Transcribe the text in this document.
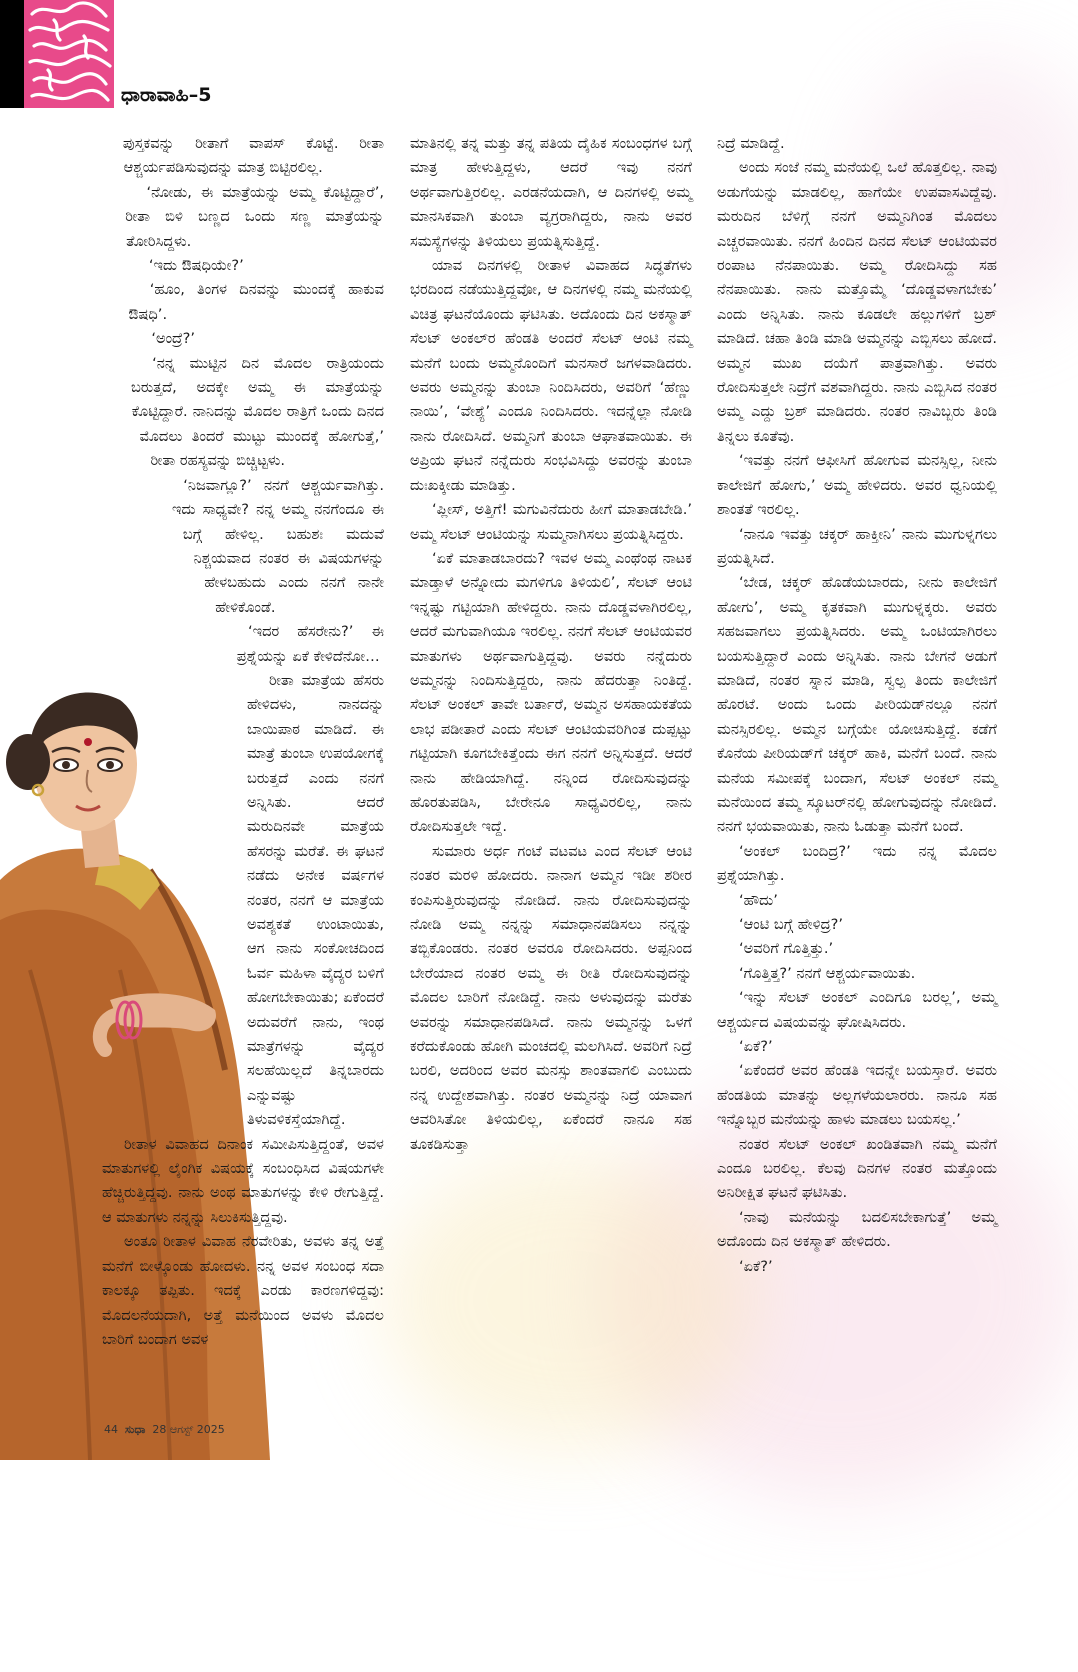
ಧಾರಾವಾಹಿ–5

ಪುಸ್ತಕವನ್ನು ರೀತಾಗೆ ವಾಪಸ್ ಕೊಟ್ಟೆ. ರೀತಾ ಆಶ್ಚರ್ಯಪಡಿಸುವುದನ್ನು ಮಾತ್ರ ಬಿಟ್ಟಿರಲಿಲ್ಲ.

‘ನೋಡು, ಈ ಮಾತ್ರೆಯನ್ನು ಅಮ್ಮ ಕೊಟ್ಟಿದ್ದಾರೆ’, ರೀತಾ ಬಿಳಿ ಬಣ್ಣದ ಒಂದು ಸಣ್ಣ ಮಾತ್ರೆಯನ್ನು ತೋರಿಸಿದ್ದಳು.

‘ಇದು ಔಷಧಿಯೇ?’

‘ಹೂಂ, ತಿಂಗಳ ದಿನವನ್ನು ಮುಂದಕ್ಕೆ ಹಾಕುವ ಔಷಧಿ’.

‘ಅಂದ್ರೆ?’

‘ನನ್ನ ಮುಟ್ಟಿನ ದಿನ ಮೊದಲ ರಾತ್ರಿಯಂದು ಬರುತ್ತದೆ, ಅದಕ್ಕೇ ಅಮ್ಮ ಈ ಮಾತ್ರೆಯನ್ನು ಕೊಟ್ಟಿದ್ದಾರೆ. ನಾನಿದನ್ನು ಮೊದಲ ರಾತ್ರಿಗೆ ಒಂದು ದಿನದ ಮೊದಲು ತಿಂದರೆ ಮುಟ್ಟು ಮುಂದಕ್ಕೆ ಹೋಗುತ್ತೆ,’ ರೀತಾ ರಹಸ್ಯವನ್ನು ಬಿಚ್ಚಿಟ್ಟಳು.

‘ನಿಜವಾಗ್ಲೂ?’ ನನಗೆ ಆಶ್ಚರ್ಯವಾಗಿತ್ತು. ಇದು ಸಾಧ್ಯವೇ? ನನ್ನ ಅಮ್ಮ ನನಗೆಂದೂ ಈ ಬಗ್ಗೆ ಹೇಳಿಲ್ಲ. ಬಹುಶಃ ಮದುವೆ ನಿಶ್ಚಯವಾದ ನಂತರ ಈ ವಿಷಯಗಳನ್ನು ಹೇಳಬಹುದು ಎಂದು ನನಗೆ ನಾನೇ ಹೇಳಿಕೊಂಡೆ.

‘ಇದರ ಹೆಸರೇನು?’ ಈ ಪ್ರಶ್ನೆಯನ್ನು ಏಕೆ ಕೇಳಿದೆನೋ…

ರೀತಾ ಮಾತ್ರೆಯ ಹೆಸರು ಹೇಳಿದಳು, ನಾನದನ್ನು ಬಾಯಿಪಾಠ ಮಾಡಿದೆ. ಈ ಮಾತ್ರೆ ತುಂಬಾ ಉಪಯೋಗಕ್ಕೆ ಬರುತ್ತದೆ ಎಂದು ನನಗೆ ಅನ್ನಿಸಿತು. ಆದರೆ ಮರುದಿನವೇ ಮಾತ್ರೆಯ ಹೆಸರನ್ನು ಮರೆತೆ. ಈ ಘಟನೆ ನಡೆದು ಅನೇಕ ವರ್ಷಗಳ ನಂತರ, ನನಗೆ ಆ ಮಾತ್ರೆಯ ಅವಶ್ಯಕತೆ ಉಂಟಾಯಿತು, ಆಗ ನಾನು ಸಂಕೋಚದಿಂದ ಓರ್ವ ಮಹಿಳಾ ವೈದ್ಯರ ಬಳಿಗೆ ಹೋಗಬೇಕಾಯಿತು; ಏಕೆಂದರೆ ಅದುವರೆಗೆ ನಾನು, ಇಂಥ ಮಾತ್ರೆಗಳನ್ನು ವೈದ್ಯರ ಸಲಹೆಯಿಲ್ಲದೆ ತಿನ್ನಬಾರದು ಎನ್ನುವಷ್ಟು ತಿಳುವಳಿಕಸ್ತೆಯಾಗಿದ್ದೆ.

ರೀತಾಳ ವಿವಾಹದ ದಿನಾಂಕ ಸಮೀಪಿಸುತ್ತಿದ್ದಂತೆ, ಅವಳ ಮಾತುಗಳಲ್ಲಿ ಲೈಂಗಿಕ ವಿಷಯಕ್ಕೆ ಸಂಬಂಧಿಸಿದ ವಿಷಯಗಳೇ ಹೆಚ್ಚಿರುತ್ತಿದ್ದವು. ನಾನು ಅಂಥ ಮಾತುಗಳನ್ನು ಕೇಳಿ ರೇಗುತ್ತಿದ್ದೆ. ಆ ಮಾತುಗಳು ನನ್ನನ್ನು ಸಿಲುಕಿಸುತ್ತಿದ್ದವು.

ಅಂತೂ ರೀತಾಳ ವಿವಾಹ ನೆರವೇರಿತು, ಅವಳು ತನ್ನ ಅತ್ತೆ ಮನೆಗೆ ಬೀಳ್ಕೊಂಡು ಹೋದಳು. ನನ್ನ ಅವಳ ಸಂಬಂಧ ಸದಾ ಕಾಲಕ್ಕೂ ತಪ್ಪಿತು. ಇದಕ್ಕೆ ಎರಡು ಕಾರಣಗಳಿದ್ದವು: ಮೊದಲನೆಯದಾಗಿ, ಅತ್ತೆ ಮನೆಯಿಂದ ಅವಳು ಮೊದಲ ಬಾರಿಗೆ ಬಂದಾಗ ಅವಳ

ಮಾತಿನಲ್ಲಿ ತನ್ನ ಮತ್ತು ತನ್ನ ಪತಿಯ ದೈಹಿಕ ಸಂಬಂಧಗಳ ಬಗ್ಗೆ ಮಾತ್ರ ಹೇಳುತ್ತಿದ್ದಳು, ಆದರೆ ಇವು ನನಗೆ ಅರ್ಥವಾಗುತ್ತಿರಲಿಲ್ಲ. ಎರಡನೆಯದಾಗಿ, ಆ ದಿನಗಳಲ್ಲಿ ಅಮ್ಮ ಮಾನಸಿಕವಾಗಿ ತುಂಬಾ ವ್ಯಗ್ರರಾಗಿದ್ದರು, ನಾನು ಅವರ ಸಮಸ್ಯೆಗಳನ್ನು ತಿಳಿಯಲು ಪ್ರಯತ್ನಿಸುತ್ತಿದ್ದೆ.

ಯಾವ ದಿನಗಳಲ್ಲಿ ರೀತಾಳ ವಿವಾಹದ ಸಿದ್ಧತೆಗಳು ಭರದಿಂದ ನಡೆಯುತ್ತಿದ್ದವೋ, ಆ ದಿನಗಳಲ್ಲಿ ನಮ್ಮ ಮನೆಯಲ್ಲಿ ವಿಚಿತ್ರ ಘಟನೆಯೊಂದು ಘಟಿಸಿತು. ಅದೊಂದು ದಿನ ಅಕಸ್ಮಾತ್ ಸೆಲಟ್ ಅಂಕಲ್‌ರ ಹೆಂಡತಿ ಅಂದರೆ ಸೆಲಟ್ ಆಂಟಿ ನಮ್ಮ ಮನೆಗೆ ಬಂದು ಅಮ್ಮನೊಂದಿಗೆ ಮನಸಾರೆ ಜಗಳವಾಡಿದರು. ಅವರು ಅಮ್ಮನನ್ನು ತುಂಬಾ ನಿಂದಿಸಿದರು, ಅವರಿಗೆ ‘ಹೆಣ್ಣು ನಾಯಿ’, ‘ವೇಶ್ಯೆ’ ಎಂದೂ ನಿಂದಿಸಿದರು. ಇದನ್ನೆಲ್ಲಾ ನೋಡಿ ನಾನು ರೋದಿಸಿದೆ. ಅಮ್ಮನಿಗೆ ತುಂಬಾ ಆಘಾತವಾಯಿತು. ಈ ಅಪ್ರಿಯ ಘಟನೆ ನನ್ನೆದುರು ಸಂಭವಿಸಿದ್ದು ಅವರನ್ನು ತುಂಬಾ ದುಃಖಕ್ಕೀಡು ಮಾಡಿತ್ತು.

‘ಪ್ಲೀಸ್, ಅತ್ತಿಗೆ! ಮಗುವಿನೆದುರು ಹೀಗೆ ಮಾತಾಡಬೇಡಿ.’ ಅಮ್ಮ ಸೆಲಟ್ ಆಂಟಿಯನ್ನು ಸುಮ್ಮನಾಗಿಸಲು ಪ್ರಯತ್ನಿಸಿದ್ದರು.

‘ಏಕೆ ಮಾತಾಡಬಾರದು? ಇವಳ ಅಮ್ಮ ಎಂಥೆಂಥ ನಾಟಕ ಮಾಡ್ತಾಳೆ ಅನ್ನೋದು ಮಗಳಿಗೂ ತಿಳಿಯಲಿ’, ಸೆಲಟ್ ಆಂಟಿ ಇನ್ನಷ್ಟು ಗಟ್ಟಿಯಾಗಿ ಹೇಳಿದ್ದರು. ನಾನು ದೊಡ್ಡವಳಾಗಿರಲಿಲ್ಲ, ಆದರೆ ಮಗುವಾಗಿಯೂ ಇರಲಿಲ್ಲ. ನನಗೆ ಸೆಲಟ್ ಆಂಟಿಯವರ ಮಾತುಗಳು ಅರ್ಥವಾಗುತ್ತಿದ್ದವು. ಅವರು ನನ್ನೆದುರು ಅಮ್ಮನನ್ನು ನಿಂದಿಸುತ್ತಿದ್ದರು, ನಾನು ಹೆದರುತ್ತಾ ನಿಂತಿದ್ದೆ. ಸೆಲಟ್ ಅಂಕಲ್ ತಾವೇ ಬರ್ತಾರೆ, ಅಮ್ಮನ ಅಸಹಾಯಕತೆಯ ಲಾಭ ಪಡೀತಾರೆ ಎಂದು ಸೆಲಟ್ ಆಂಟಿಯವರಿಗಿಂತ ದುಪ್ಪಟ್ಟು ಗಟ್ಟಿಯಾಗಿ ಕೂಗಬೇಕಿತ್ತೆಂದು ಈಗ ನನಗೆ ಅನ್ನಿಸುತ್ತದೆ. ಆದರೆ ನಾನು ಹೇಡಿಯಾಗಿದ್ದೆ. ನನ್ನಿಂದ ರೋದಿಸುವುದನ್ನು ಹೊರತುಪಡಿಸಿ, ಬೇರೇನೂ ಸಾಧ್ಯವಿರಲಿಲ್ಲ, ನಾನು ರೋದಿಸುತ್ತಲೇ ಇದ್ದೆ.

ಸುಮಾರು ಅರ್ಧ ಗಂಟೆ ವಟವಟ ಎಂದ ಸೆಲಟ್ ಆಂಟಿ ನಂತರ ಮರಳಿ ಹೋದರು. ನಾನಾಗ ಅಮ್ಮನ ಇಡೀ ಶರೀರ ಕಂಪಿಸುತ್ತಿರುವುದನ್ನು ನೋಡಿದೆ. ನಾನು ರೋದಿಸುವುದನ್ನು ನೋಡಿ ಅಮ್ಮ ನನ್ನನ್ನು ಸಮಾಧಾನಪಡಿಸಲು ನನ್ನನ್ನು ತಬ್ಬಿಕೊಂಡರು. ನಂತರ ಅವರೂ ರೋದಿಸಿದರು. ಅಪ್ಪನಿಂದ ಬೇರೆಯಾದ ನಂತರ ಅಮ್ಮ ಈ ರೀತಿ ರೋದಿಸುವುದನ್ನು ಮೊದಲ ಬಾರಿಗೆ ನೋಡಿದ್ದೆ. ನಾನು ಅಳುವುದನ್ನು ಮರೆತು ಅವರನ್ನು ಸಮಾಧಾನಪಡಿಸಿದೆ. ನಾನು ಅಮ್ಮನನ್ನು ಒಳಗೆ ಕರೆದುಕೊಂಡು ಹೋಗಿ ಮಂಚದಲ್ಲಿ ಮಲಗಿಸಿದೆ. ಅವರಿಗೆ ನಿದ್ರೆ ಬರಲಿ, ಅದರಿಂದ ಅವರ ಮನಸ್ಸು ಶಾಂತವಾಗಲಿ ಎಂಬುದು ನನ್ನ ಉದ್ದೇಶವಾಗಿತ್ತು. ನಂತರ ಅಮ್ಮನನ್ನು ನಿದ್ರೆ ಯಾವಾಗ ಆವರಿಸಿತೋ ತಿಳಿಯಲಿಲ್ಲ, ಏಕೆಂದರೆ ನಾನೂ ಸಹ ತೂಕಡಿಸುತ್ತಾ

ನಿದ್ರೆ ಮಾಡಿದ್ದೆ.

ಅಂದು ಸಂಜೆ ನಮ್ಮ ಮನೆಯಲ್ಲಿ ಒಲೆ ಹೊತ್ತಲಿಲ್ಲ. ನಾವು ಅಡುಗೆಯನ್ನು ಮಾಡಲಿಲ್ಲ, ಹಾಗೆಯೇ ಉಪವಾಸವಿದ್ದೆವು. ಮರುದಿನ ಬೆಳಿಗ್ಗೆ ನನಗೆ ಅಮ್ಮನಿಗಿಂತ ಮೊದಲು ಎಚ್ಚರವಾಯಿತು. ನನಗೆ ಹಿಂದಿನ ದಿನದ ಸೆಲಟ್ ಆಂಟಿಯವರ ರಂಪಾಟ ನೆನಪಾಯಿತು. ಅಮ್ಮ ರೋದಿಸಿದ್ದು ಸಹ ನೆನಪಾಯಿತು. ನಾನು ಮತ್ತೊಮ್ಮೆ ‘ದೊಡ್ಡವಳಾಗಬೇಕು’ ಎಂದು ಅನ್ನಿಸಿತು. ನಾನು ಕೂಡಲೇ ಹಲ್ಲುಗಳಿಗೆ ಬ್ರಶ್ ಮಾಡಿದೆ. ಚಹಾ ತಿಂಡಿ ಮಾಡಿ ಅಮ್ಮನನ್ನು ಎಬ್ಬಿಸಲು ಹೋದೆ. ಅಮ್ಮನ ಮುಖ ದಯೆಗೆ ಪಾತ್ರವಾಗಿತ್ತು. ಅವರು ರೋದಿಸುತ್ತಲೇ ನಿದ್ರೆಗೆ ವಶವಾಗಿದ್ದರು. ನಾನು ಎಬ್ಬಿಸಿದ ನಂತರ ಅಮ್ಮ ಎದ್ದು ಬ್ರಶ್ ಮಾಡಿದರು. ನಂತರ ನಾವಿಬ್ಬರು ತಿಂಡಿ ತಿನ್ನಲು ಕೂತೆವು.

‘ಇವತ್ತು ನನಗೆ ಆಫೀಸಿಗೆ ಹೋಗುವ ಮನಸ್ಸಿಲ್ಲ, ನೀನು ಕಾಲೇಜಿಗೆ ಹೋಗು,’ ಅಮ್ಮ ಹೇಳಿದರು. ಅವರ ಧ್ವನಿಯಲ್ಲಿ ಶಾಂತತೆ ಇರಲಿಲ್ಲ.

‘ನಾನೂ ಇವತ್ತು ಚಕ್ಕರ್ ಹಾಕ್ತೀನಿ’ ನಾನು ಮುಗುಳ್ನಗಲು ಪ್ರಯತ್ನಿಸಿದೆ.

‘ಬೇಡ, ಚಕ್ಕರ್ ಹೊಡೆಯಬಾರದು, ನೀನು ಕಾಲೇಜಿಗೆ ಹೋಗು’, ಅಮ್ಮ ಕೃತಕವಾಗಿ ಮುಗುಳ್ನಕ್ಕರು. ಅವರು ಸಹಜವಾಗಲು ಪ್ರಯತ್ನಿಸಿದರು. ಅಮ್ಮ ಒಂಟಿಯಾಗಿರಲು ಬಯಸುತ್ತಿದ್ದಾರೆ ಎಂದು ಅನ್ನಿಸಿತು. ನಾನು ಬೇಗನೆ ಅಡುಗೆ ಮಾಡಿದೆ, ನಂತರ ಸ್ನಾನ ಮಾಡಿ, ಸ್ವಲ್ಪ ತಿಂದು ಕಾಲೇಜಿಗೆ ಹೊರಟೆ. ಅಂದು ಒಂದು ಪೀರಿಯಡ್‌ನಲ್ಲೂ ನನಗೆ ಮನಸ್ಸಿರಲಿಲ್ಲ. ಅಮ್ಮನ ಬಗ್ಗೆಯೇ ಯೋಚಿಸುತ್ತಿದ್ದೆ. ಕಡೆಗೆ ಕೊನೆಯ ಪೀರಿಯಡ್‌ಗೆ ಚಕ್ಕರ್ ಹಾಕಿ, ಮನೆಗೆ ಬಂದೆ. ನಾನು ಮನೆಯ ಸಮೀಪಕ್ಕೆ ಬಂದಾಗ, ಸೆಲಟ್ ಅಂಕಲ್ ನಮ್ಮ ಮನೆಯಿಂದ ತಮ್ಮ ಸ್ಕೂಟರ್‌ನಲ್ಲಿ ಹೋಗುವುದನ್ನು ನೋಡಿದೆ. ನನಗೆ ಭಯವಾಯಿತು, ನಾನು ಓಡುತ್ತಾ ಮನೆಗೆ ಬಂದೆ.

‘ಅಂಕಲ್ ಬಂದಿದ್ರ?’ ಇದು ನನ್ನ ಮೊದಲ ಪ್ರಶ್ನೆಯಾಗಿತ್ತು.

‘ಹೌದು’

‘ಆಂಟಿ ಬಗ್ಗೆ ಹೇಳಿದ್ರ?’

‘ಅವರಿಗೆ ಗೊತ್ತಿತ್ತು.’

‘ಗೊತ್ತಿತ್ತ?’ ನನಗೆ ಆಶ್ಚರ್ಯವಾಯಿತು.

‘ಇನ್ನು ಸೆಲಟ್ ಅಂಕಲ್ ಎಂದಿಗೂ ಬರಲ್ಲ’, ಅಮ್ಮ ಆಶ್ಚರ್ಯದ ವಿಷಯವನ್ನು ಘೋಷಿಸಿದರು.

‘ಏಕೆ?’

‘ಏಕೆಂದರೆ ಅವರ ಹೆಂಡತಿ ಇದನ್ನೇ ಬಯಸ್ತಾರೆ. ಅವರು ಹೆಂಡತಿಯ ಮಾತನ್ನು ಅಲ್ಲಗಳೆಯಲಾರರು. ನಾನೂ ಸಹ ಇನ್ನೊಬ್ಬರ ಮನೆಯನ್ನು ಹಾಳು ಮಾಡಲು ಬಯಸಲ್ಲ.’

ನಂತರ ಸೆಲಟ್ ಅಂಕಲ್ ಖಂಡಿತವಾಗಿ ನಮ್ಮ ಮನೆಗೆ ಎಂದೂ ಬರಲಿಲ್ಲ. ಕೆಲವು ದಿನಗಳ ನಂತರ ಮತ್ತೊಂದು ಅನಿರೀಕ್ಷಿತ ಘಟನೆ ಘಟಿಸಿತು.

‘ನಾವು ಮನೆಯನ್ನು ಬದಲಿಸಬೇಕಾಗುತ್ತೆ’ ಅಮ್ಮ ಅದೊಂದು ದಿನ ಅಕಸ್ಮಾತ್ ಹೇಳಿದರು.

‘ಏಕೆ?’

44 ಸುಧಾ 28 ಆಗಸ್ಟ್ 2025
